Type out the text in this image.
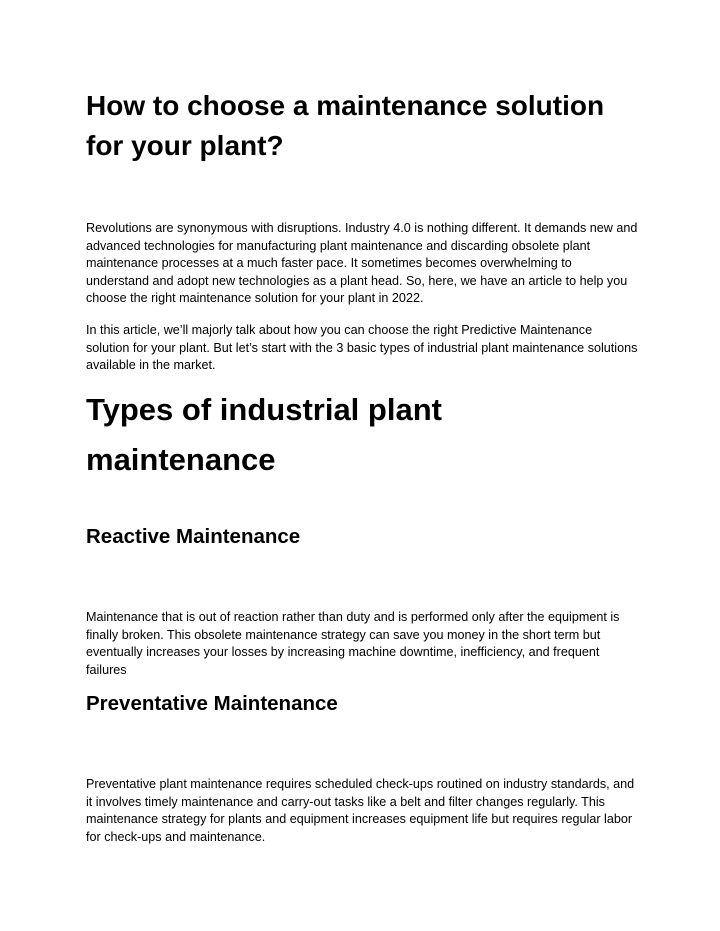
How to choose a maintenance solution for your plant?

Revolutions are synonymous with disruptions. Industry 4.0 is nothing different. It demands new and advanced technologies for manufacturing plant maintenance and discarding obsolete plant maintenance processes at a much faster pace. It sometimes becomes overwhelming to understand and adopt new technologies as a plant head. So, here, we have an article to help you choose the right maintenance solution for your plant in 2022.

In this article, we’ll majorly talk about how you can choose the right Predictive Maintenance solution for your plant. But let’s start with the 3 basic types of industrial plant maintenance solutions available in the market.

Types of industrial plant maintenance
Reactive Maintenance

Maintenance that is out of reaction rather than duty and is performed only after the equipment is finally broken. This obsolete maintenance strategy can save you money in the short term but eventually increases your losses by increasing machine downtime, inefficiency, and frequent failures

Preventative Maintenance

Preventative plant maintenance requires scheduled check-ups routined on industry standards, and it involves timely maintenance and carry-out tasks like a belt and filter changes regularly. This maintenance strategy for plants and equipment increases equipment life but requires regular labor for check-ups and maintenance.
